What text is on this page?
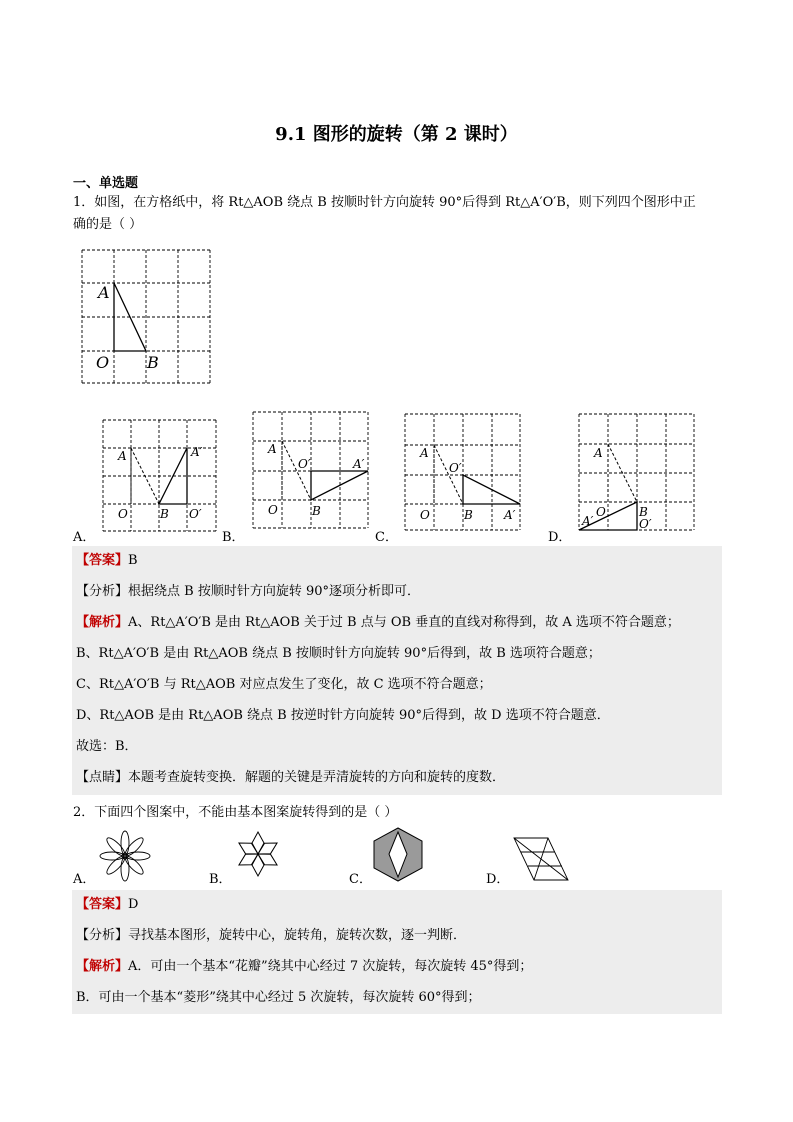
9.1 图形的旋转（第 2 课时）
一、单选题
1．如图，在方格纸中，将 Rt△AOB 绕点 B 按顺时针方向旋转 90°后得到 Rt△A′O′B，则下列四个图形中正
确的是（ ）
A
O B
A．
A
O	B
A′
O′
B．
A
O	B
O′	A′
C．
A
O	B
O′
A′
D．
A
O	B
A′	O′
【答案】B
【分析】根据绕点 B 按顺时针方向旋转 90°逐项分析即可．
【解析】A、Rt△A′O′B 是由 Rt△AOB 关于过 B 点与 OB 垂直的直线对称得到，故 A 选项不符合题意；
B、Rt△A′O′B 是由 Rt△AOB 绕点 B 按顺时针方向旋转 90°后得到，故 B 选项符合题意；
C、Rt△A′O′B 与 Rt△AOB 对应点发生了变化，故 C 选项不符合题意；
D、Rt△AOB 是由 Rt△AOB 绕点 B 按逆时针方向旋转 90°后得到，故 D 选项不符合题意．
故选：B．
【点睛】本题考查旋转变换．解题的关键是弄清旋转的方向和旋转的度数．
2．下面四个图案中，不能由基本图案旋转得到的是（ ）
A．	B．	C．	D．
【答案】D
【分析】寻找基本图形，旋转中心，旋转角，旋转次数，逐一判断．
【解析】A．可由一个基本“花瓣”绕其中心经过 7 次旋转，每次旋转 45°得到；
B．可由一个基本“菱形”绕其中心经过 5 次旋转，每次旋转 60°得到；
